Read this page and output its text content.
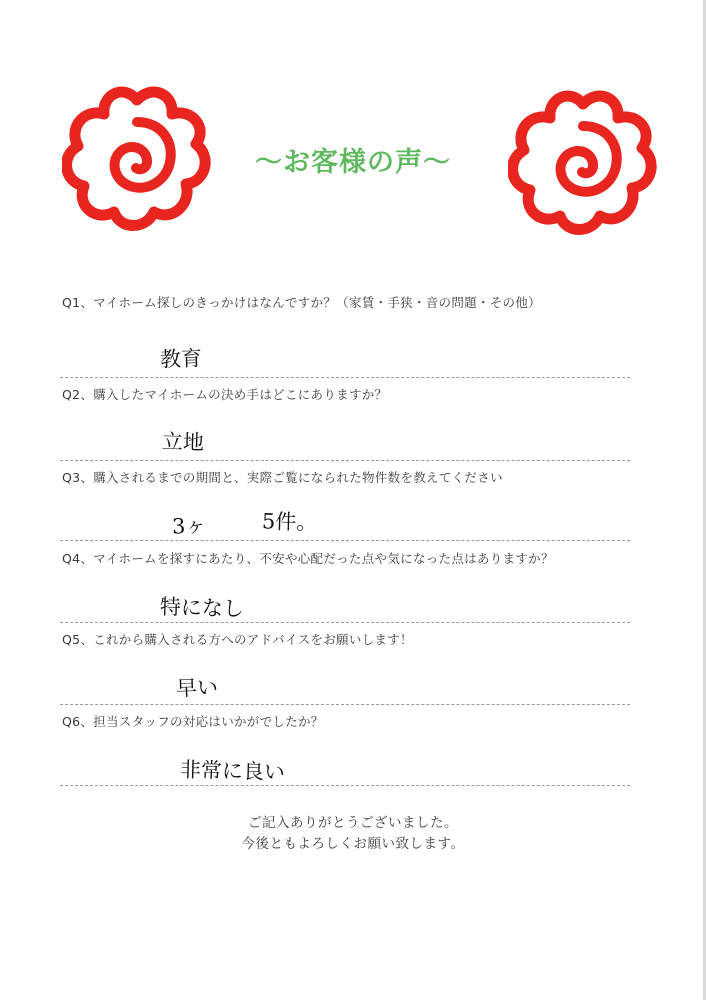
〜お客様の声〜
Q1、マイホーム探しのきっかけはなんですか？（家賃・手狭・音の問題・その他）
教育
Q2、購入したマイホームの決め手はどこにありますか？
立地
Q3、購入されるまでの期間と、実際ご覧になられた物件数を教えてください
3ヶ	5件。
Q4、マイホームを探すにあたり、不安や心配だった点や気になった点はありますか？
特になし
Q5、これから購入される方へのアドバイスをお願いします！
早い
Q6、担当スタッフの対応はいかがでしたか？
非常に良い
ご記入ありがとうございました。
今後ともよろしくお願い致します。
